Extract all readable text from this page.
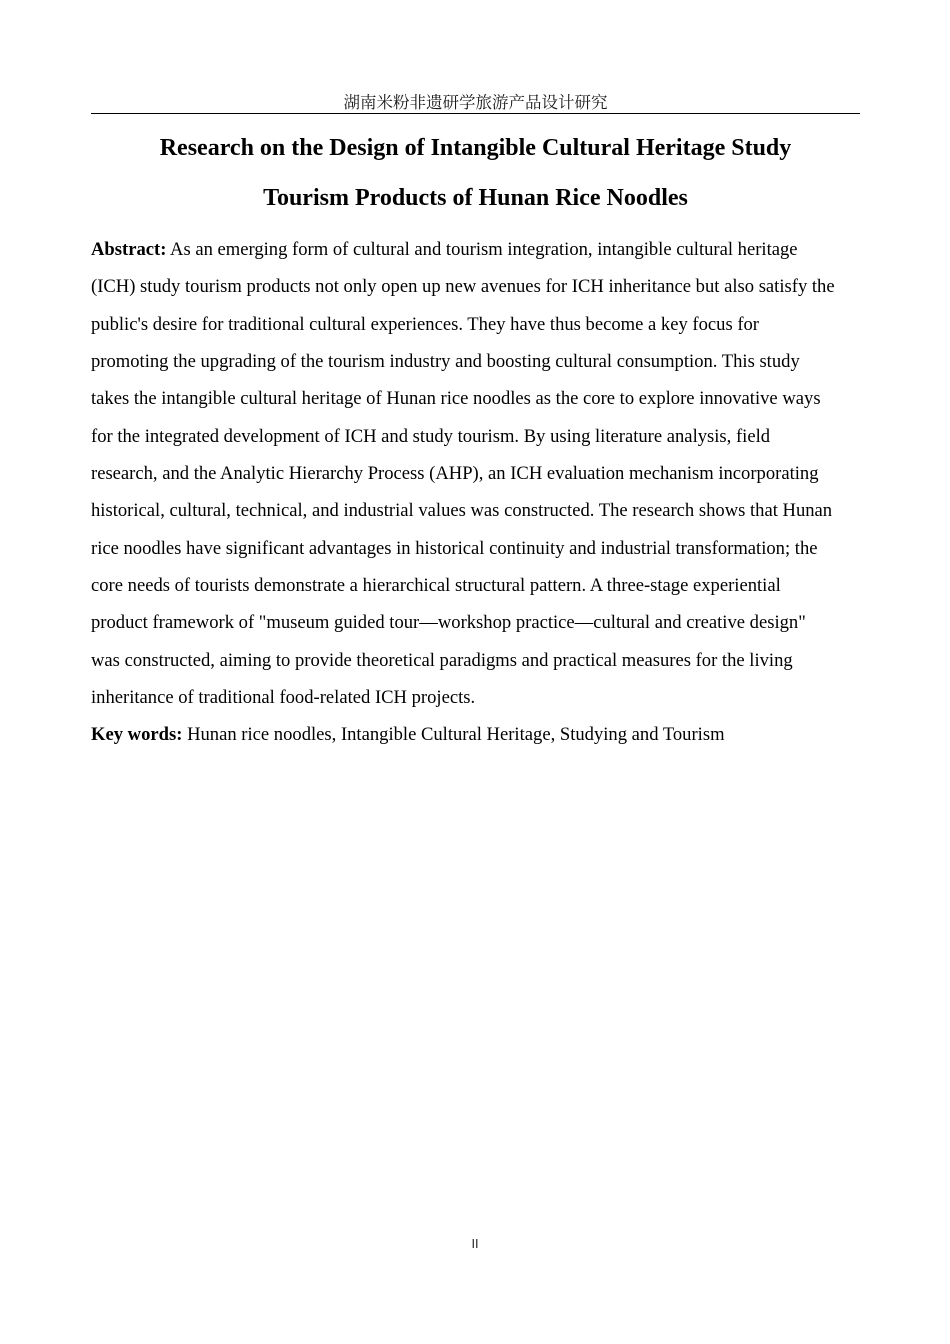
湖南米粉非遗研学旅游产品设计研究
Research on the Design of Intangible Cultural Heritage Study
Tourism Products of Hunan Rice Noodles

Abstract: As an emerging form of cultural and tourism integration, intangible cultural heritage
(ICH) study tourism products not only open up new avenues for ICH inheritance but also satisfy the
public's desire for traditional cultural experiences. They have thus become a key focus for
promoting the upgrading of the tourism industry and boosting cultural consumption. This study
takes the intangible cultural heritage of Hunan rice noodles as the core to explore innovative ways
for the integrated development of ICH and study tourism. By using literature analysis, field
research, and the Analytic Hierarchy Process (AHP), an ICH evaluation mechanism incorporating
historical, cultural, technical, and industrial values was constructed. The research shows that Hunan
rice noodles have significant advantages in historical continuity and industrial transformation; the
core needs of tourists demonstrate a hierarchical structural pattern. A three-stage experiential
product framework of "museum guided tour—workshop practice—cultural and creative design"
was constructed, aiming to provide theoretical paradigms and practical measures for the living
inheritance of traditional food-related ICH projects.

Key words: Hunan rice noodles, Intangible Cultural Heritage, Studying and Tourism

II
